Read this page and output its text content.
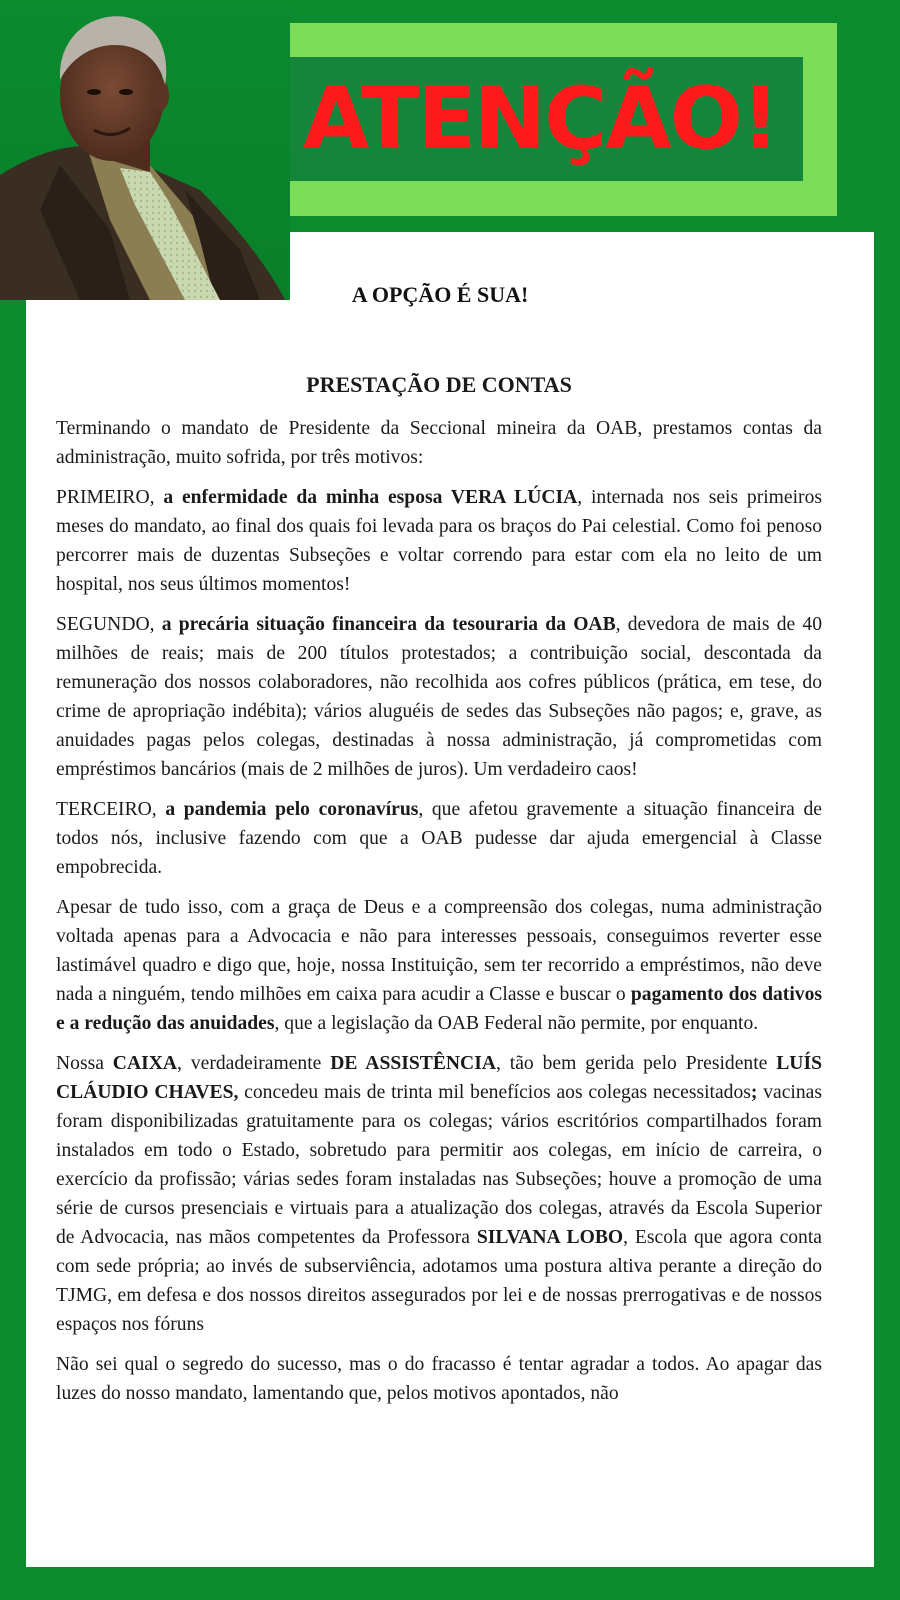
ATENÇÃO!
A OPÇÃO É SUA!
PRESTAÇÃO DE CONTAS

Terminando o mandato de Presidente da Seccional mineira da OAB, prestamos contas da administração, muito sofrida, por três motivos:

PRIMEIRO, a enfermidade da minha esposa VERA LÚCIA, internada nos seis primeiros meses do mandato, ao final dos quais foi levada para os braços do Pai celestial. Como foi penoso percorrer mais de duzentas Subseções e voltar correndo para estar com ela no leito de um hospital, nos seus últimos momentos!

SEGUNDO, a precária situação financeira da tesouraria da OAB, devedora de mais de 40 milhões de reais; mais de 200 títulos protestados; a contribuição social, descontada da remuneração dos nossos colaboradores, não recolhida aos cofres públicos (prática, em tese, do crime de apropriação indébita); vários aluguéis de sedes das Subseções não pagos; e, grave, as anuidades pagas pelos colegas, destinadas à nossa administração, já comprometidas com empréstimos bancários (mais de 2 milhões de juros). Um verdadeiro caos!

TERCEIRO, a pandemia pelo coronavírus, que afetou gravemente a situação financeira de todos nós, inclusive fazendo com que a OAB pudesse dar ajuda emergencial à Classe empobrecida.

Apesar de tudo isso, com a graça de Deus e a compreensão dos colegas, numa administração voltada apenas para a Advocacia e não para interesses pessoais, conseguimos reverter esse lastimável quadro e digo que, hoje, nossa Instituição, sem ter recorrido a empréstimos, não deve nada a ninguém, tendo milhões em caixa para acudir a Classe e buscar o pagamento dos dativos e a redução das anuidades, que a legislação da OAB Federal não permite, por enquanto.

Nossa CAIXA, verdadeiramente DE ASSISTÊNCIA, tão bem gerida pelo Presidente LUÍS CLÁUDIO CHAVES, concedeu mais de trinta mil benefícios aos colegas necessitados; vacinas foram disponibilizadas gratuitamente para os colegas; vários escritórios compartilhados foram instalados em todo o Estado, sobretudo para permitir aos colegas, em início de carreira, o exercício da profissão; várias sedes foram instaladas nas Subseções; houve a promoção de uma série de cursos presenciais e virtuais para a atualização dos colegas, através da Escola Superior de Advocacia, nas mãos competentes da Professora SILVANA LOBO, Escola que agora conta com sede própria; ao invés de subserviência, adotamos uma postura altiva perante a direção do TJMG, em defesa e dos nossos direitos assegurados por lei e de nossas prerrogativas e de nossos espaços nos fóruns

Não sei qual o segredo do sucesso, mas o do fracasso é tentar agradar a todos. Ao apagar das luzes do nosso mandato, lamentando que, pelos motivos apontados, não
